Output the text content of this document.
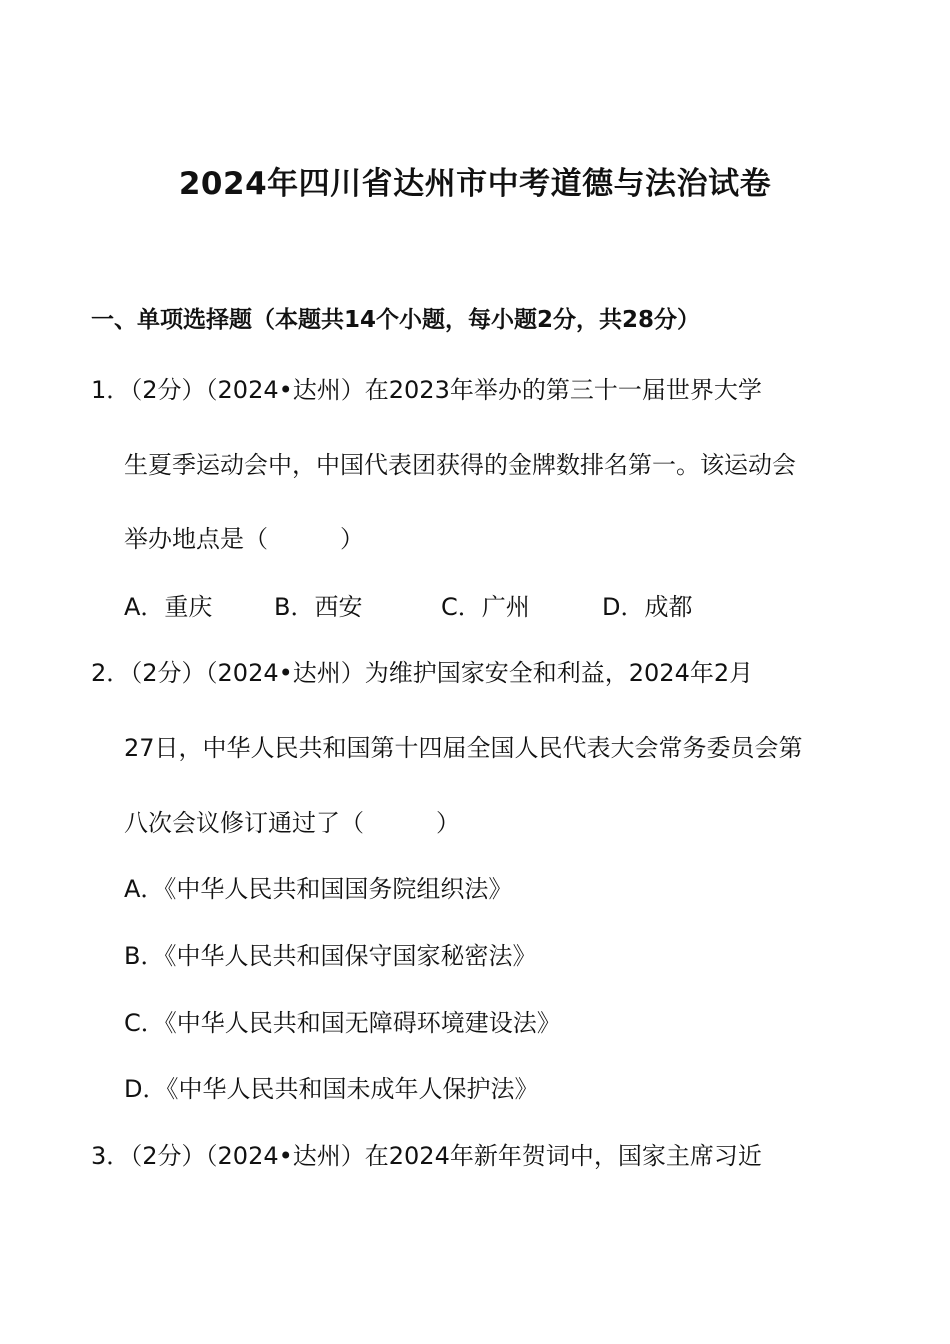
2024年四川省达州市中考道德与法治试卷
一、单项选择题（本题共14个小题，每小题2分，共28分）
1．（2分）（2024•达州）在2023年举办的第三十一届世界大学
生夏季运动会中，中国代表团获得的金牌数排名第一。该运动会
举办地点是（　　　）
A．重庆	B．西安	C．广州	D．成都
2．（2分）（2024•达州）为维护国家安全和利益，2024年2月
27日，中华人民共和国第十四届全国人民代表大会常务委员会第
八次会议修订通过了（　　　）
A．《中华人民共和国国务院组织法》
B．《中华人民共和国保守国家秘密法》
C．《中华人民共和国无障碍环境建设法》
D．《中华人民共和国未成年人保护法》
3．（2分）（2024•达州）在2024年新年贺词中，国家主席习近
